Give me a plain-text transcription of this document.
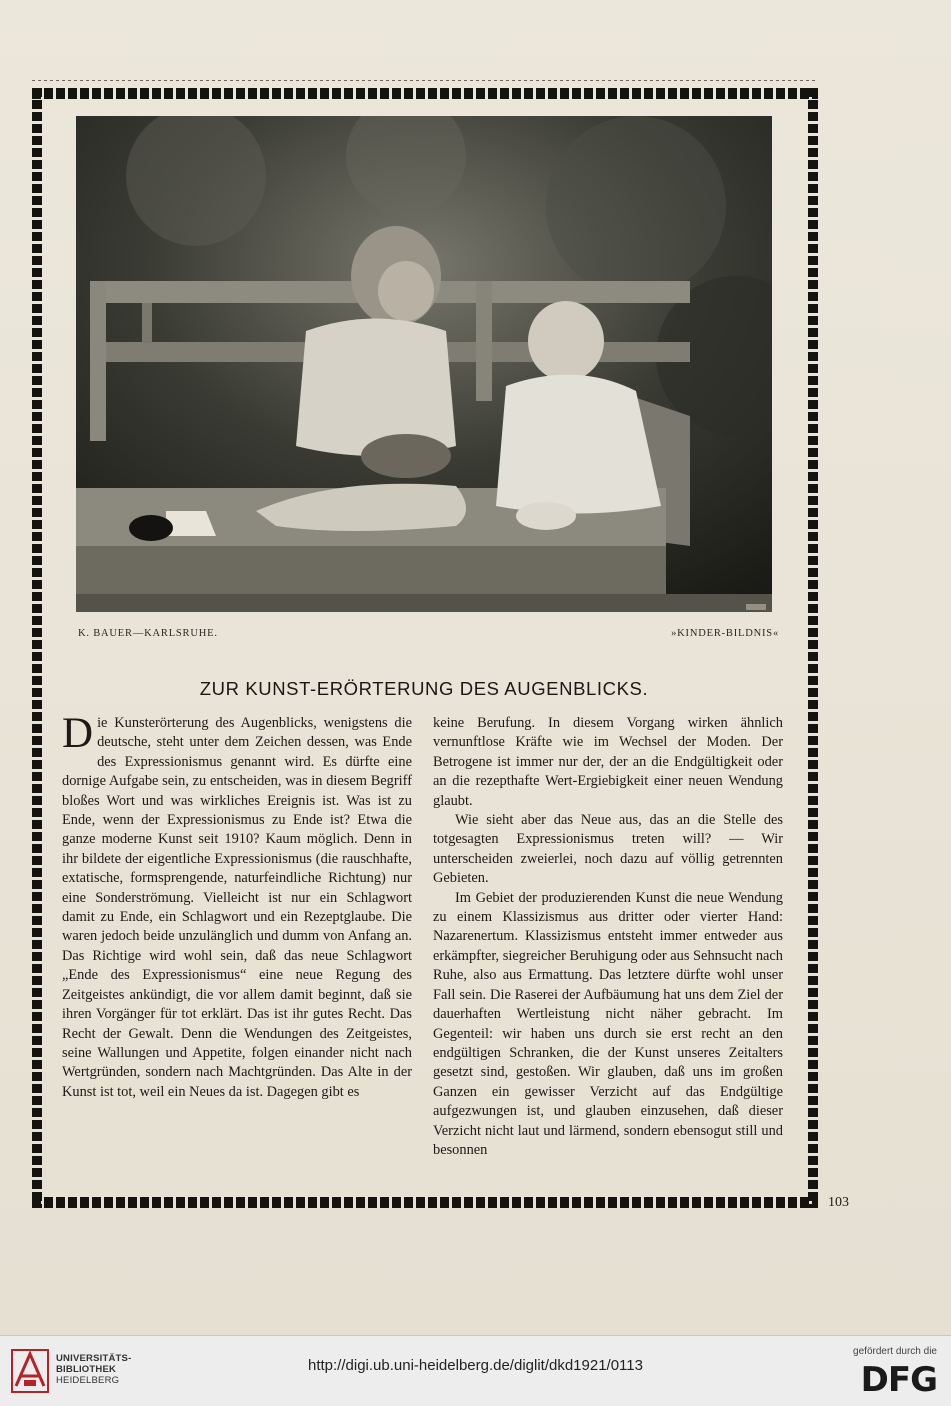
K. BAUER—KARLSRUHE.	»KINDER-BILDNIS«
ZUR KUNST-ERÖRTERUNG DES AUGENBLICKS.

Die Kunsterörterung des Augenblicks, wenigstens die deutsche, steht unter dem Zeichen dessen, was Ende des Expressionismus genannt wird. Es dürfte eine dornige Aufgabe sein, zu entscheiden, was in diesem Begriff bloßes Wort und was wirkliches Ereignis ist. Was ist zu Ende, wenn der Expressionismus zu Ende ist? Etwa die ganze moderne Kunst seit 1910? Kaum möglich. Denn in ihr bildete der eigentliche Expressionismus (die rauschhafte, extatische, formsprengende, naturfeindliche Richtung) nur eine Sonderströmung. Vielleicht ist nur ein Schlagwort damit zu Ende, ein Schlagwort und ein Rezeptglaube. Die waren jedoch beide unzulänglich und dumm von Anfang an. Das Richtige wird wohl sein, daß das neue Schlagwort „Ende des Expressionismus“ eine neue Regung des Zeitgeistes ankündigt, die vor allem damit beginnt, daß sie ihren Vorgänger für tot erklärt. Das ist ihr gutes Recht. Das Recht der Gewalt. Denn die Wendungen des Zeitgeistes, seine Wallungen und Appetite, folgen einander nicht nach Wertgründen, sondern nach Machtgründen. Das Alte in der Kunst ist tot, weil ein Neues da ist. Dagegen gibt es

keine Berufung. In diesem Vorgang wirken ähnlich vernunftlose Kräfte wie im Wechsel der Moden. Der Betrogene ist immer nur der, der an die Endgültigkeit oder an die rezepthafte Wert-Ergiebigkeit einer neuen Wendung glaubt.

Wie sieht aber das Neue aus, das an die Stelle des totgesagten Expressionismus treten will? — Wir unterscheiden zweierlei, noch dazu auf völlig getrennten Gebieten.

Im Gebiet der produzierenden Kunst die neue Wendung zu einem Klassizismus aus dritter oder vierter Hand: Nazarenertum. Klassizismus entsteht immer entweder aus erkämpfter, siegreicher Beruhigung oder aus Sehnsucht nach Ruhe, also aus Ermattung. Das letztere dürfte wohl unser Fall sein. Die Raserei der Aufbäumung hat uns dem Ziel der dauerhaften Wertleistung nicht näher gebracht. Im Gegenteil: wir haben uns durch sie erst recht an den endgültigen Schranken, die der Kunst unseres Zeitalters gesetzt sind, gestoßen. Wir glauben, daß uns im großen Ganzen ein gewisser Verzicht auf das Endgültige aufgezwungen ist, und glauben einzusehen, daß dieser Verzicht nicht laut und lärmend, sondern ebensogut still und besonnen

103
UNIVERSITÄTS-
BIBLIOTHEK
HEIDELBERG
http://digi.ub.uni-heidelberg.de/diglit/dkd1921/0113
gefördert durch die
DFG
